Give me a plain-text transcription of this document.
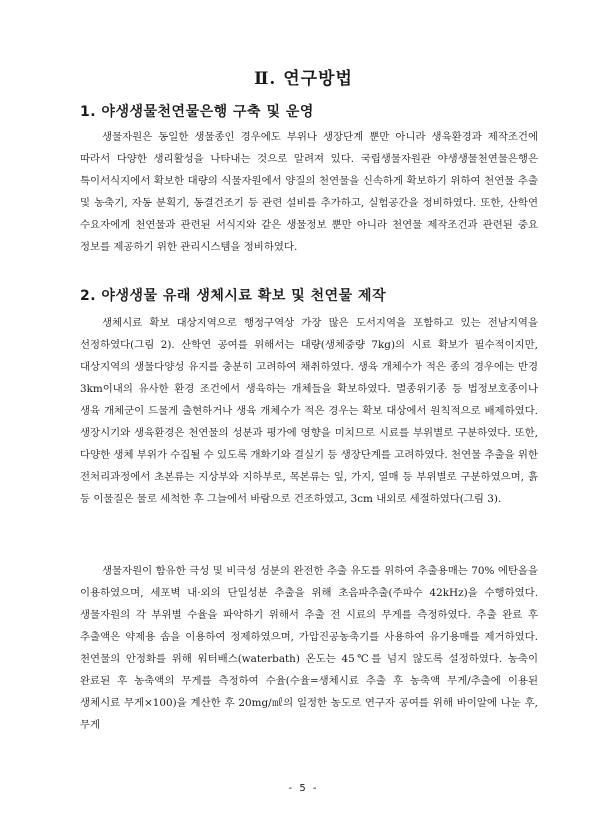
Ⅱ. 연구방법
1. 야생생물천연물은행 구축 및 운영

생물자원은 동일한 생물종인 경우에도 부위나 생장단계 뿐만 아니라 생육환경과 제작조건에 따라서 다양한 생리활성을 나타내는 것으로 알려져 있다. 국립생물자원관 야생생물천연물은행은 특이서식지에서 확보한 대량의 식물자원에서 양질의 천연물을 신속하게 확보하기 위하여 천연물 추출 및 농축기, 자동 분획기, 동결건조기 등 관련 설비를 추가하고, 실험공간을 정비하였다. 또한, 산학연 수요자에게 천연물과 관련된 서식지와 같은 생물정보 뿐만 아니라 천연물 제작조건과 관련된 중요 정보를 제공하기 위한 관리시스템을 정비하였다.

2. 야생생물 유래 생체시료 확보 및 천연물 제작

생체시료 확보 대상지역으로 행정구역상 가장 많은 도서지역을 포함하고 있는 전남지역을 선정하였다(그림 2). 산학연 공여를 위해서는 대량(생체중량 7kg)의 시료 확보가 필수적이지만, 대상지역의 생물다양성 유지를 충분히 고려하여 채취하였다. 생육 개체수가 적은 종의 경우에는 반경 3km이내의 유사한 환경 조건에서 생육하는 개체들을 확보하였다. 멸종위기종 등 법정보호종이나 생육 개체군이 드물게 출현하거나 생육 개체수가 적은 경우는 확보 대상에서 원칙적으로 배제하였다. 생장시기와 생육환경은 천연물의 성분과 평가에 영향을 미치므로 시료를 부위별로 구분하였다. 또한, 다양한 생체 부위가 수집될 수 있도록 개화기와 결실기 등 생장단계를 고려하였다. 천연물 추출을 위한 전처리과정에서 초본류는 지상부와 지하부로, 목본류는 잎, 가지, 열매 등 부위별로 구분하였으며, 흙 등 이물질은 물로 세척한 후 그늘에서 바람으로 건조하였고, 3cm 내외로 세절하였다(그림 3).

생물자원이 함유한 극성 및 비극성 성분의 완전한 추출 유도를 위하여 추출용매는 70% 에탄올을 이용하였으며, 세포벽 내·외의 단일성분 추출을 위해 초음파추출(주파수 42kHz)을 수행하였다. 생물자원의 각 부위별 수율을 파악하기 위해서 추출 전 시료의 무게를 측정하였다. 추출 완료 후 추출액은 약제용 솜을 이용하여 정제하였으며, 가압진공농축기를 사용하여 유기용매를 제거하였다. 천연물의 안정화를 위해 워터배스(waterbath) 온도는 45℃를 넘지 않도록 설정하였다. 농축이 완료된 후 농축액의 무게를 측정하여 수율(수율=생체시료 추출 후 농축액 무게/추출에 이용된 생체시료 무게×100)을 계산한 후 20mg/㎖의 일정한 농도로 연구자 공여를 위해 바이알에 나눈 후, 무게

- 5 -
